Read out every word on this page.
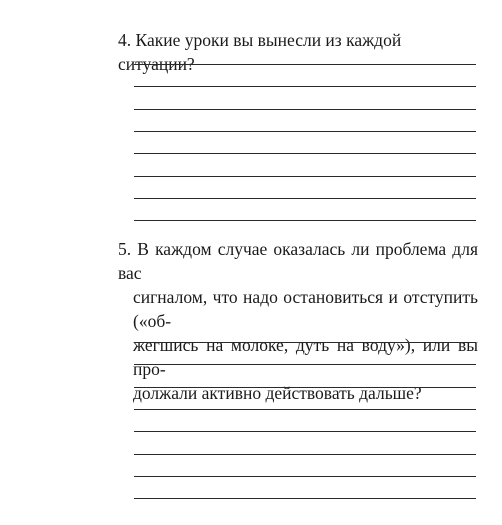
4. Какие уроки вы вынесли из каждой ситуации?
5. В каждом случае оказалась ли проблема для вас
сигналом, что надо остановиться и отступить («об-
жегшись на молоке, дуть на воду»), или вы про-
должали активно действовать дальше?
